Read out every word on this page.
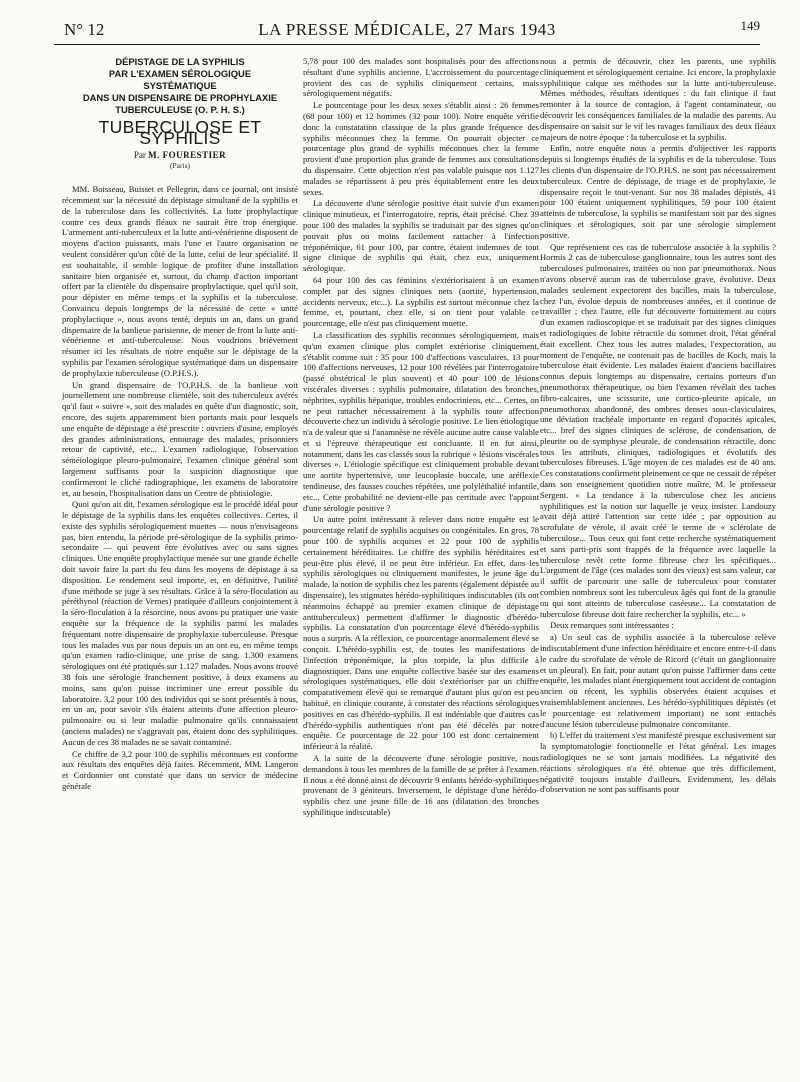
N° 12	LA PRESSE MÉDICALE, 27 Mars 1943	149
DÉPISTAGE DE LA SYPHILIS
PAR L'EXAMEN SÉROLOGIQUE
SYSTÉMATIQUE
DANS UN DISPENSAIRE DE PROPHYLAXIE
TUBERCULEUSE (O. P. H. S.)
TUBERCULOSE ET SYPHILIS
Par M. FOURESTIER
(Paris)

MM. Boisseau, Buisset et Pellegrin, dans ce journal, ont insisté récemment sur la nécessité du dépistage simultané de la syphilis et de la tuberculose dans les collectivités. La lutte prophylactique contre ces deux grands fléaux ne saurait être trop énergique. L'armement anti-tuberculeux et la lutte anti-vénérienne disposent de moyens d'action puissants, mais l'une et l'autre organisation ne veulent considérer qu'un côté de la lutte, celui de leur spécialité. Il est souhaitable, il semble logique de profiter d'une installation sanitaire bien organisée et, surtout, du champ d'action important offert par la clientèle du dispensaire prophylactique, quel qu'il soit, pour dépister en même temps et la syphilis et la tuberculose. Convaincu depuis longtemps de la nécessité de cette « unité prophylactique », nous avons tenté, depuis un an, dans un grand dispensaire de la banlieue parisienne, de mener de front la lutte anti-vénérienne et anti-tuberculeuse. Nous voudrions brièvement résumer ici les résultats de notre enquête sur le dépistage de la syphilis par l'examen sérologique systématique dans un dispensaire de prophylaxie tuberculeuse (O.P.H.S.).

Un grand dispensaire de l'O.P.H.S. de la banlieue voit journellement une nombreuse clientèle, soit des tuberculeux avérés qu'il faut « suivre », soit des malades en quête d'un diagnostic, soit, encore, des sujets apparemment bien portants mais pour lesquels une enquête de dépistage a été prescrite : ouvriers d'usine, employés des grandes administrations, entourage des malades, prisonniers retour de captivité, etc... L'examen radiologique, l'observation séméiologique pleuro-pulmonaire, l'examen clinique général sont largement suffisants pour la suspicion diagnostique que confirmeront le cliché radiographique, les examens de laboratoire et, au besoin, l'hospitalisation dans un Centre de phtisiologie.

Quoi qu'on ait dit, l'examen sérologique est le procédé idéal pour le dépistage de la syphilis dans les enquêtes collectives. Certes, il existe des syphilis sérologiquement muettes — nous n'envisageons pas, bien entendu, la période pré-sérologique de la syphilis primo-secondaire — qui peuvent être évolutives avec ou sans signes cliniques. Une enquête prophylactique menée sur une grande échelle doit savoir faire la part du feu dans les moyens de dépistage à sa disposition. Le rendement seul importe, et, en définitive, l'utilité d'une méthode se juge à ses résultats. Grâce à la séro-floculation au péréthynol (réaction de Vernes) pratiquée d'ailleurs conjointement à la séro-floculation à la résorcine, nous avons pu pratiquer une vaste enquête sur la fréquence de la syphilis parmi les malades fréquentant notre dispensaire de prophylaxie tuberculeuse. Presque tous les malades vus par nous depuis un an ont eu, en même temps qu'un examen radio-clinique, une prise de sang. 1.300 examens sérologiques ont été pratiqués sur 1.127 malades. Nous avons trouvé 38 fois une sérologie franchement positive, à deux examens au moins, sans qu'on puisse incriminer une erreur possible du laboratoire. 3,2 pour 100 des individus qui se sont présentés à nous, en un an, pour savoir s'ils étaient atteints d'une affection pleuro-pulmonaire ou si leur maladie pulmonaire qu'ils connaissaient (anciens malades) ne s'aggravait pas, étaient donc des syphilitiques. Aucun de ces 38 malades ne se savait contaminé.

Ce chiffre de 3,2 pour 100 de syphilis méconnues est conforme aux résultats des enquêtes déjà faites. Récemment, MM. Langeron et Cordonnier ont constaté que dans un service de médecine générale

5,78 pour 100 des malades sont hospitalisés pour des affections résultant d'une syphilis ancienne. L'accroissement du pourcentage provient des cas de syphilis cliniquement certains, mais sérologiquement négatifs.

Le pourcentage pour les deux sexes s'établit ainsi : 26 femmes (68 pour 100) et 12 hommes (32 pour 100). Notre enquête vérifie donc la constatation classique de la plus grande fréquence des syphilis méconnues chez la femme. On pourrait objecter ce pourcentage plus grand de syphilis méconnues chez la femme provient d'une proportion plus grande de femmes aux consultations du dispensaire. Cette objection n'est pas valable puisque nos 1.127 malades se répartissent à peu près équitablement entre les deux sexes.

La découverte d'une sérologie positive était suivie d'un examen clinique minutieux, et l'interrogatoire, repris, était précisé. Chez 39 pour 100 des malades la syphilis se traduisait par des signes qu'on pouvait plus ou moins facilement rattacher à l'infection tréponémique, 61 pour 100, par contre, étaient indemnes de tout signe clinique de syphilis qui était, chez eux, uniquement sérologique.

64 pour 100 des cas féminins s'extériorisaient à un examen complet par des signes cliniques nets (aortite, hypertension, accidents nerveux, etc...). La syphilis est surtout méconnue chez la femme, et, pourtant, chez elle, si on tient pour valable ce pourcentage, elle n'est pas cliniquement muette.

La classification des syphilis reconnues sérologiquement, mais qu'un examen clinique plus complet extériorise cliniquement, s'établit comme suit : 35 pour 100 d'affections vasculaires, 13 pour 100 d'affections nerveuses, 12 pour 100 révélées par l'interrogatoire (passé obstétrical le plus souvent) et 40 pour 100 de lésions viscérales diverses : syphilis pulmonaire, dilatation des bronches, néphrites, syphilis hépatique, troubles endocriniens, etc... Certes, on ne peut rattacher nécessairement à la syphilis toute affection découverte chez un individu à sérologie positive. Le lien étiologique n'a de valeur que si l'anamnèse ne révèle aucune autre cause valable et si l'épreuve thérapeutique est concluante. Il en fut ainsi, notamment, dans les cas classés sous la rubrique « lésions viscérales diverses ». L'étiologie spécifique est cliniquement probable devant une aortite hypertensive, une leucoplasie buccale, une aréflexie tendineuse, des fausses couches répétées, une polyléthalité infantile, etc... Cette probabilité ne devient-elle pas certitude avec l'appoint d'une sérologie positive ?

Un autre point intéressant à relever dans notre enquête est le pourcentage relatif de syphilis acquises ou congénitales. En gros, 78 pour 100 de syphilis acquises et 22 pour 100 de syphilis certainement héréditaires. Le chiffre des syphilis héréditaires est peut-être plus élevé, il ne peut être inférieur. En effet, dans les syphilis sérologiques ou cliniquement manifestes, le jeune âge du malade, la notion de syphilis chez les parents (également dépistée au dispensaire), les stigmates hérédo-syphilitiques indiscutables (ils ont néanmoins échappé au premier examen clinique de dépistage antituberculeux) permettent d'affirmer le diagnostic d'hérédo-syphilis. La constatation d'un pourcentage élevé d'hérédo-syphilis nous a surpris. A la réflexion, ce pourcentage anormalement élevé se conçoit. L'hérédo-syphilis est, de toutes les manifestations de l'infection tréponémique, la plus torpide, la plus difficile à diagnostiquer. Dans une enquête collective basée sur des examens sérologiques systématiques, elle doit s'extérioriser par un chiffre comparativement élevé qui se remarque d'autant plus qu'on est peu habitué, en clinique courante, à constater des réactions sérologiques positives en cas d'hérédo-syphilis. Il est indéniable que d'autres cas d'hérédo-syphilis authentiques n'ont pas été décelés par notre enquête. Ce pourcentage de 22 pour 100 est donc certainement inférieur à la réalité.

A la suite de la découverte d'une sérologie positive, nous demandons à tous les membres de la famille de se prêter à l'examen. Il nous a été donné ainsi de découvrir 9 enfants hérédo-syphilitiques provenant de 3 géniteurs. Inversement, le dépistage d'une hérédo-syphilis chez une jeune fille de 16 ans (dilatation des bronches syphilitique indiscutable)

nous a permis de découvrir, chez les parents, une syphilis cliniquement et sérologiquement certaine. Ici encore, la prophylaxie syphilitique calque ses méthodes sur la lutte anti-tuberculeuse. Mêmes méthodes, résultats identiques : du fait clinique il faut remonter à la source de contagion, à l'agent contaminateur, ou découvrir les conséquences familiales de la maladie des parents. Au dispensaire on saisit sur le vif les ravages familiaux des deux fléaux majeurs de notre époque : la tuberculose et la syphilis.

Enfin, notre enquête nous a permis d'objectiver les rapports depuis si longtemps étudiés de la syphilis et de la tuberculose. Tous les clients d'un dispensaire de l'O.P.H.S. ne sont pas nécessairement tuberculeux. Centre de dépistage, de triage et de prophylaxie, le dispensaire reçoit le tout-venant. Sur nos 38 malades dépistés, 41 pour 100 étaient uniquement syphilitiques, 59 pour 100 étaient atteints de tuberculose, la syphilis se manifestant soit par des signes cliniques et sérologiques, soit par une sérologie simplement positive.

Que représentent ces cas de tuberculose associée à la syphilis ? Hormis 2 cas de tuberculose ganglionnaire, tous les autres sont des tuberculoses pulmonaires, traitées ou non par pneumothorax. Nous n'avons observé aucun cas de tuberculose grave, évolutive. Deux malades seulement expectorent des bacilles, mais la tuberculose, chez l'un, évolue depuis de nombreuses années, et il continue de travailler ; chez l'autre, elle fut découverte fortuitement au cours d'un examen radioscopique et se traduisait par des signes cliniques et radiologiques de lobite rétractile du sommet droit, l'état général était excellent. Chez tous les autres malades, l'expectoration, au moment de l'enquête, ne contenait pas de bacilles de Koch, mais la tuberculose était évidente. Les malades étaient d'anciens bacillaires connus depuis longtemps au dispensaire, certains porteurs d'un pneumothorax thérapeutique, ou bien l'examen révélait des taches fibro-calcaires, une scissurite, une cortico-pleurite apicale, un pneumothorax abandonné, des ombres denses sous-claviculaires, une déviation trachéale importante en regard d'opacités apicales, etc... bref des signes cliniques de sclérose, de condensation, de pleurite ou de symphyse pleurale, de condensation rétractile, donc tous les attributs, cliniques, radiologiques et évolutifs des tuberculoses fibreuses. L'âge moyen de ces malades est de 40 ans. Ces constatations confirment pleinement ce que ne cessait de répéter dans son enseignement quotidien notre maître, M. le professeur Sergent. « La tendance à la tuberculose chez les anciens syphilitiques est la notion sur laquelle je veux insister. Landouzy avait déjà attiré l'attention sur cette idée ; par opposition au scrofulate de vérole, il avait créé le terme de « sclérolate de tuberculose... Tous ceux qui font cette recherche systématiquement et sans parti-pris sont frappés de la fréquence avec laquelle la tuberculose revêt cette forme fibreuse chez les spécifiques... L'argument de l'âge (ces malades sont des vieux) est sans valeur, car il suffit de parcourir une salle de tuberculeux pour constater combien nombreux sont les tuberculeux âgés qui font de la granulie ou qui sont atteints de tuberculose caséeuse... La constatation de tuberculose fibreuse doit faire rechercher la syphilis, etc... »

Deux remarques sont intéressantes :

a) Un seul cas de syphilis associée à la tuberculose relève indiscutablement d'une infection héréditaire et encore entre-t-il dans le cadre du scrofulate de vérole de Ricord (c'était un ganglionnaire et un pleural). En fait, pour autant qu'on puisse l'affirmer dans cette enquête, les malades niant énergiquement tout accident de contagion ancien ou récent, les syphilis observées étaient acquises et vraisemblablement anciennes. Les hérédo-syphilitiques dépistés (et le pourcentage est relativement important) ne sont entachés d'aucune lésion tuberculeuse pulmonaire concomitante.

b) L'effet du traitement s'est manifesté presque exclusivement sur la symptomatologie fonctionnelle et l'état général. Les images radiologiques ne se sont jamais modifiées. La négativité des réactions sérologiques n'a été obtenue que très difficilement, négativité toujours instable d'ailleurs. Evidemment, les délais d'observation ne sont pas suffisants pour
